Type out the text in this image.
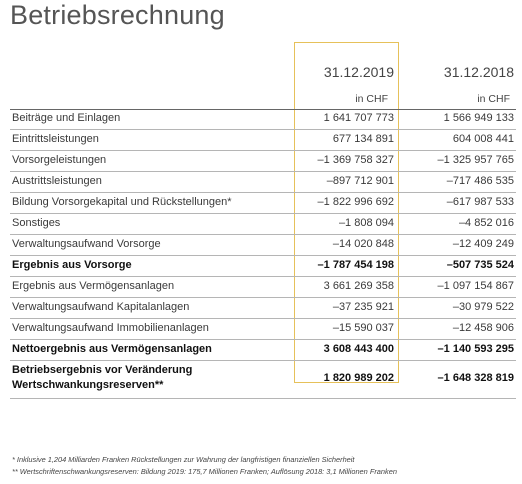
Betriebsrechnung
31.12.2019	31.12.2018
in CHF	in CHF
Beiträge und Einlagen	1 641 707 773	1 566 949 133
Eintrittsleistungen	677 134 891	604 008 441
Vorsorgeleistungen	–1 369 758 327	–1 325 957 765
Austrittsleistungen	–897 712 901	–717 486 535
Bildung Vorsorgekapital und Rückstellungen*	–1 822 996 692	–617 987 533
Sonstiges	–1 808 094	–4 852 016
Verwaltungsaufwand Vorsorge	–14 020 848	–12 409 249
Ergebnis aus Vorsorge	–1 787 454 198	–507 735 524
Ergebnis aus Vermögensanlagen	3 661 269 358	–1 097 154 867
Verwaltungsaufwand Kapitalanlagen	–37 235 921	–30 979 522
Verwaltungsaufwand Immobilienanlagen	–15 590 037	–12 458 906
Nettoergebnis aus Vermögensanlagen	3 608 443 400	–1 140 593 295
Betriebsergebnis vor Veränderung
Wertschwankungsreserven**
1 820 989 202	–1 648 328 819
* Inklusive 1,204 Milliarden Franken Rückstellungen zur Wahrung der langfristigen finanziellen Sicherheit
** Wertschriftenschwankungsreserven: Bildung 2019: 175,7 Millionen Franken; Auflösung 2018: 3,1 Millionen Franken
